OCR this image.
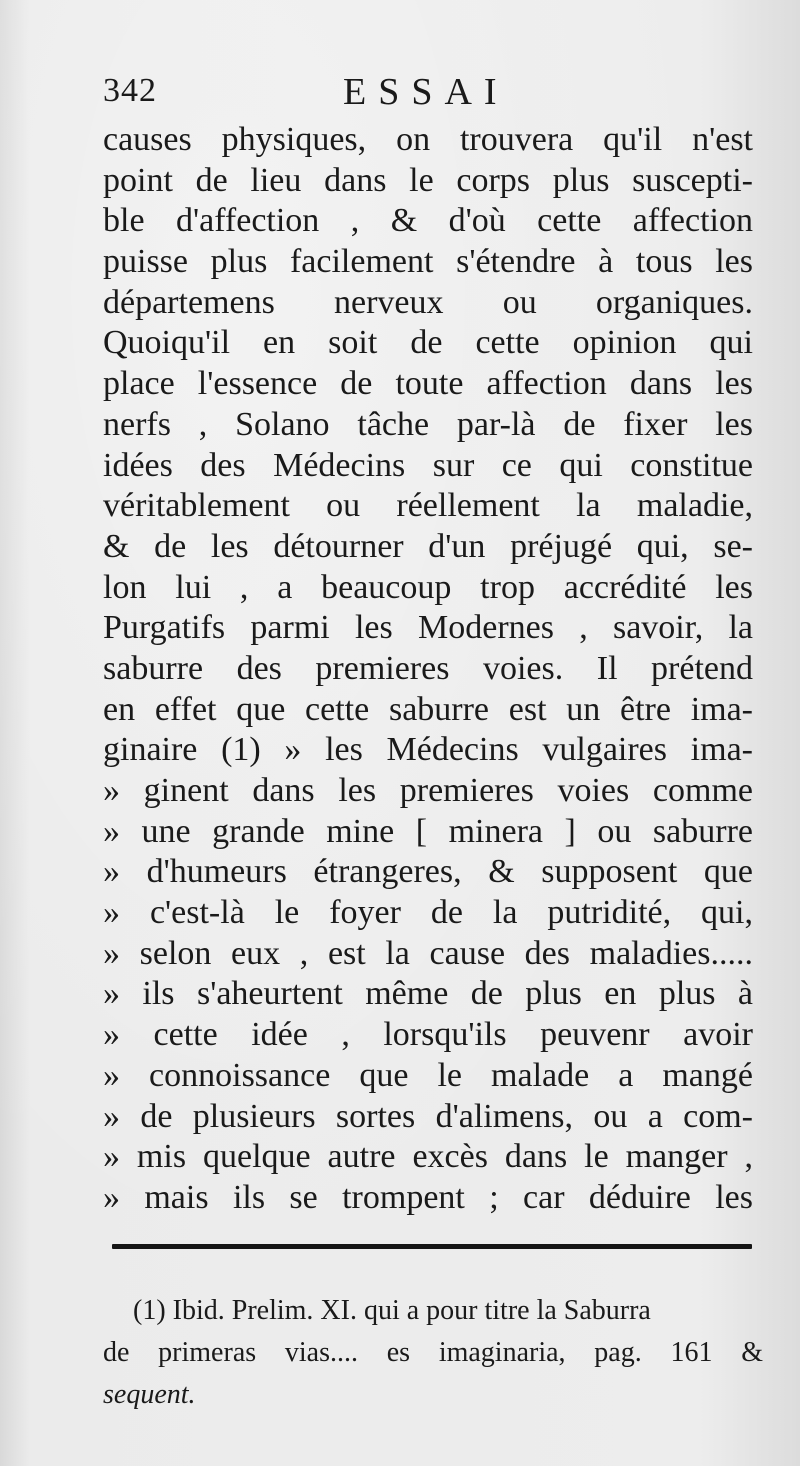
342	ESSAI
causes physiques, on trouvera qu'il n'est
point de lieu dans le corps plus suscepti-
ble d'affection , & d'où cette affection
puisse plus facilement s'étendre à tous les
départemens nerveux ou organiques.
Quoiqu'il en soit de cette opinion qui
place l'essence de toute affection dans les
nerfs , Solano tâche par-là de fixer les
idées des Médecins sur ce qui constitue
véritablement ou réellement la maladie,
& de les détourner d'un préjugé qui, se-
lon lui , a beaucoup trop accrédité les
Purgatifs parmi les Modernes , savoir, la
saburre des premieres voies. Il prétend
en effet que cette saburre est un être ima-
ginaire (1) » les Médecins vulgaires ima-
» ginent dans les premieres voies comme
» une grande mine [ minera ] ou saburre
» d'humeurs étrangeres, & supposent que
» c'est-là le foyer de la putridité, qui,
» selon eux , est la cause des maladies.....
» ils s'aheurtent même de plus en plus à
» cette idée , lorsqu'ils peuvenr avoir
» connoissance que le malade a mangé
» de plusieurs sortes d'alimens, ou a com-
» mis quelque autre excès dans le manger ,
» mais ils se trompent ; car déduire les
(1) Ibid. Prelim. XI. qui a pour titre la Saburra
de primeras vias.... es imaginaria, pag. 161 &
sequent.
